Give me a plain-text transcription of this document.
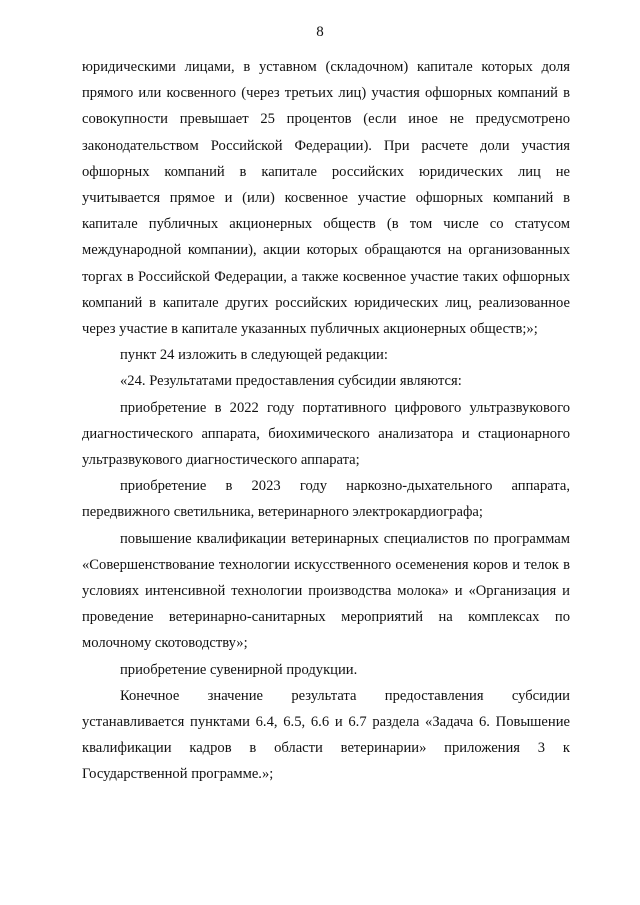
8

юридическими лицами, в уставном (складочном) капитале которых доля прямого или косвенного (через третьих лиц) участия офшорных компаний в совокупности превышает 25 процентов (если иное не предусмотрено законодательством Российской Федерации). При расчете доли участия офшорных компаний в капитале российских юридических лиц не учитывается прямое и (или) косвенное участие офшорных компаний в капитале публичных акционерных обществ (в том числе со статусом международной компании), акции которых обращаются на организованных торгах в Российской Федерации, а также косвенное участие таких офшорных компаний в капитале других российских юридических лиц, реализованное через участие в капитале указанных публичных акционерных обществ;»;

пункт 24 изложить в следующей редакции:

«24. Результатами предоставления субсидии являются:

приобретение в 2022 году портативного цифрового ультразвукового диагностического аппарата, биохимического анализатора и стационарного ультразвукового диагностического аппарата;

приобретение в 2023 году наркозно-дыхательного аппарата, передвижного светильника, ветеринарного электрокардиографа;

повышение квалификации ветеринарных специалистов по программам «Совершенствование технологии искусственного осеменения коров и телок в условиях интенсивной технологии производства молока» и «Организация и проведение ветеринарно-санитарных мероприятий на комплексах по молочному скотоводству»;

приобретение сувенирной продукции.

Конечное значение результата предоставления субсидии устанавливается пунктами 6.4, 6.5, 6.6 и 6.7 раздела «Задача 6. Повышение квалификации кадров в области ветеринарии» приложения 3 к Государственной программе.»;
